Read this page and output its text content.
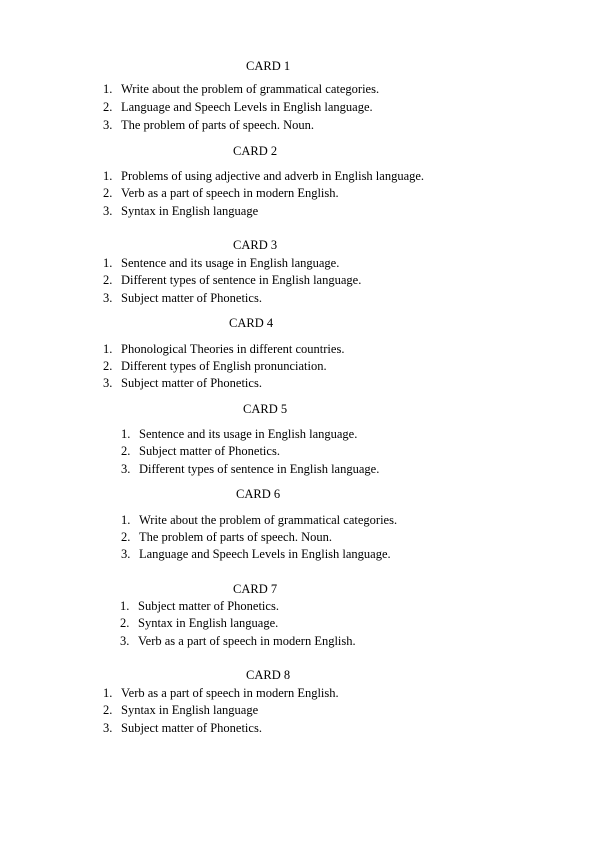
CARD 1
1. Write about the problem of grammatical categories.
2. Language and Speech Levels in English language.
3. The problem of parts of speech. Noun.
CARD 2
1. Problems of using adjective and adverb in English language.
2. Verb as a part of speech in modern English.
3. Syntax in English language
CARD 3
1. Sentence and its usage in English language.
2. Different types of sentence in English language.
3. Subject matter of Phonetics.
CARD 4
1. Phonological Theories in different countries.
2. Different types of English pronunciation.
3. Subject matter of Phonetics.
CARD 5
1. Sentence and its usage in English language.
2. Subject matter of Phonetics.
3. Different types of sentence in English language.
CARD 6
1. Write about the problem of grammatical categories.
2. The problem of parts of speech. Noun.
3. Language and Speech Levels in English language.
CARD 7
1. Subject matter of Phonetics.
2. Syntax in English language.
3. Verb as a part of speech in modern English.
CARD 8
1. Verb as a part of speech in modern English.
2. Syntax in English language
3. Subject matter of Phonetics.
